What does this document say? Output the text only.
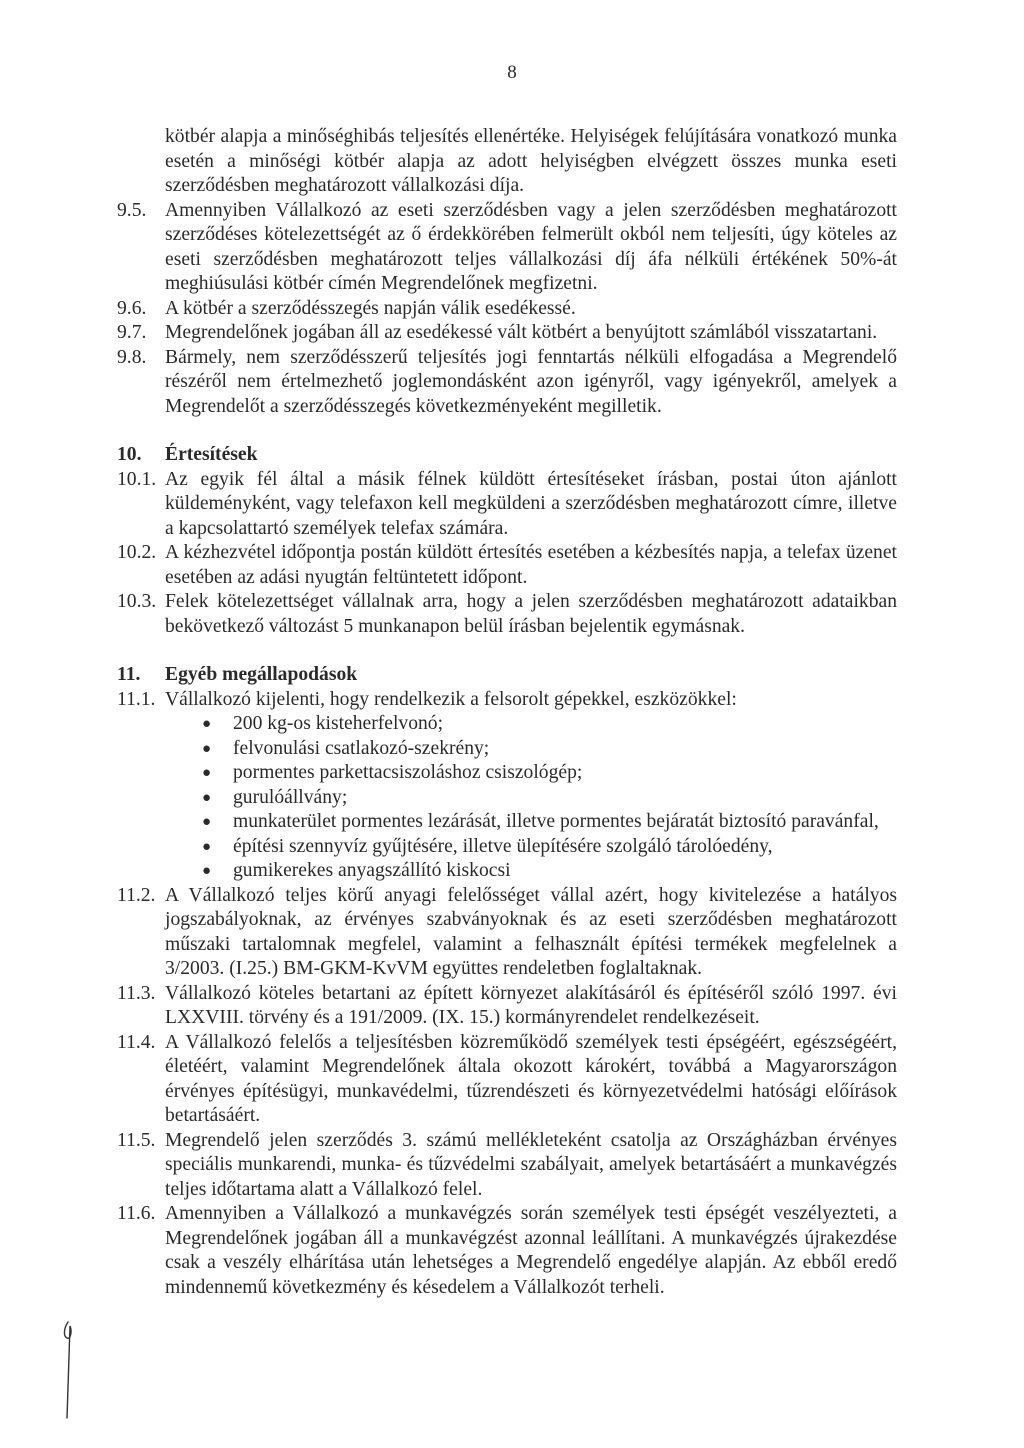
8

kötbér alapja a minőséghibás teljesítés ellenértéke. Helyiségek felújítására vonatkozó munka esetén a minőségi kötbér alapja az adott helyiségben elvégzett összes munka eseti szerződésben meghatározott vállalkozási díja.

9.5. Amennyiben Vállalkozó az eseti szerződésben vagy a jelen szerződésben meghatározott szerződéses kötelezettségét az ő érdekkörében felmerült okból nem teljesíti, úgy köteles az eseti szerződésben meghatározott teljes vállalkozási díj áfa nélküli értékének 50%-át meghiúsulási kötbér címén Megrendelőnek megfizetni.

9.6. A kötbér a szerződésszegés napján válik esedékessé.

9.7. Megrendelőnek jogában áll az esedékessé vált kötbért a benyújtott számlából visszatartani.

9.8. Bármely, nem szerződésszerű teljesítés jogi fenntartás nélküli elfogadása a Megrendelő részéről nem értelmezhető joglemondásként azon igényről, vagy igényekről, amelyek a Megrendelőt a szerződésszegés következményeként megilletik.

10. Értesítések

10.1. Az egyik fél által a másik félnek küldött értesítéseket írásban, postai úton ajánlott küldeményként, vagy telefaxon kell megküldeni a szerződésben meghatározott címre, illetve a kapcsolattartó személyek telefax számára.

10.2. A kézhezvétel időpontja postán küldött értesítés esetében a kézbesítés napja, a telefax üzenet esetében az adási nyugtán feltüntetett időpont.

10.3. Felek kötelezettséget vállalnak arra, hogy a jelen szerződésben meghatározott adataikban bekövetkező változást 5 munkanapon belül írásban bejelentik egymásnak.

11. Egyéb megállapodások

11.1. Vállalkozó kijelenti, hogy rendelkezik a felsorolt gépekkel, eszközökkel:

● 200 kg-os kisteherfelvonó;
● felvonulási csatlakozó-szekrény;
● pormentes parkettacsiszoláshoz csiszológép;
● gurulóállvány;
● munkaterület pormentes lezárását, illetve pormentes bejáratát biztosító paravánfal,
● építési szennyvíz gyűjtésére, illetve ülepítésére szolgáló tárolóedény,
● gumikerekes anyagszállító kiskocsi

11.2. A Vállalkozó teljes körű anyagi felelősséget vállal azért, hogy kivitelezése a hatályos jogszabályoknak, az érvényes szabványoknak és az eseti szerződésben meghatározott műszaki tartalomnak megfelel, valamint a felhasznált építési termékek megfelelnek a 3/2003. (I.25.) BM-GKM-KvVM együttes rendeletben foglaltaknak.

11.3. Vállalkozó köteles betartani az épített környezet alakításáról és építéséről szóló 1997. évi LXXVIII. törvény és a 191/2009. (IX. 15.) kormányrendelet rendelkezéseit.

11.4. A Vállalkozó felelős a teljesítésben közreműködő személyek testi épségéért, egészségéért, életéért, valamint Megrendelőnek általa okozott károkért, továbbá a Magyarországon érvényes építésügyi, munkavédelmi, tűzrendészeti és környezetvédelmi hatósági előírások betartásáért.

11.5. Megrendelő jelen szerződés 3. számú mellékleteként csatolja az Országházban érvényes speciális munkarendi, munka- és tűzvédelmi szabályait, amelyek betartásáért a munkavégzés teljes időtartama alatt a Vállalkozó felel.

11.6. Amennyiben a Vállalkozó a munkavégzés során személyek testi épségét veszélyezteti, a Megrendelőnek jogában áll a munkavégzést azonnal leállítani. A munkavégzés újrakezdése csak a veszély elhárítása után lehetséges a Megrendelő engedélye alapján. Az ebből eredő mindennemű következmény és késedelem a Vállalkozót terheli.
